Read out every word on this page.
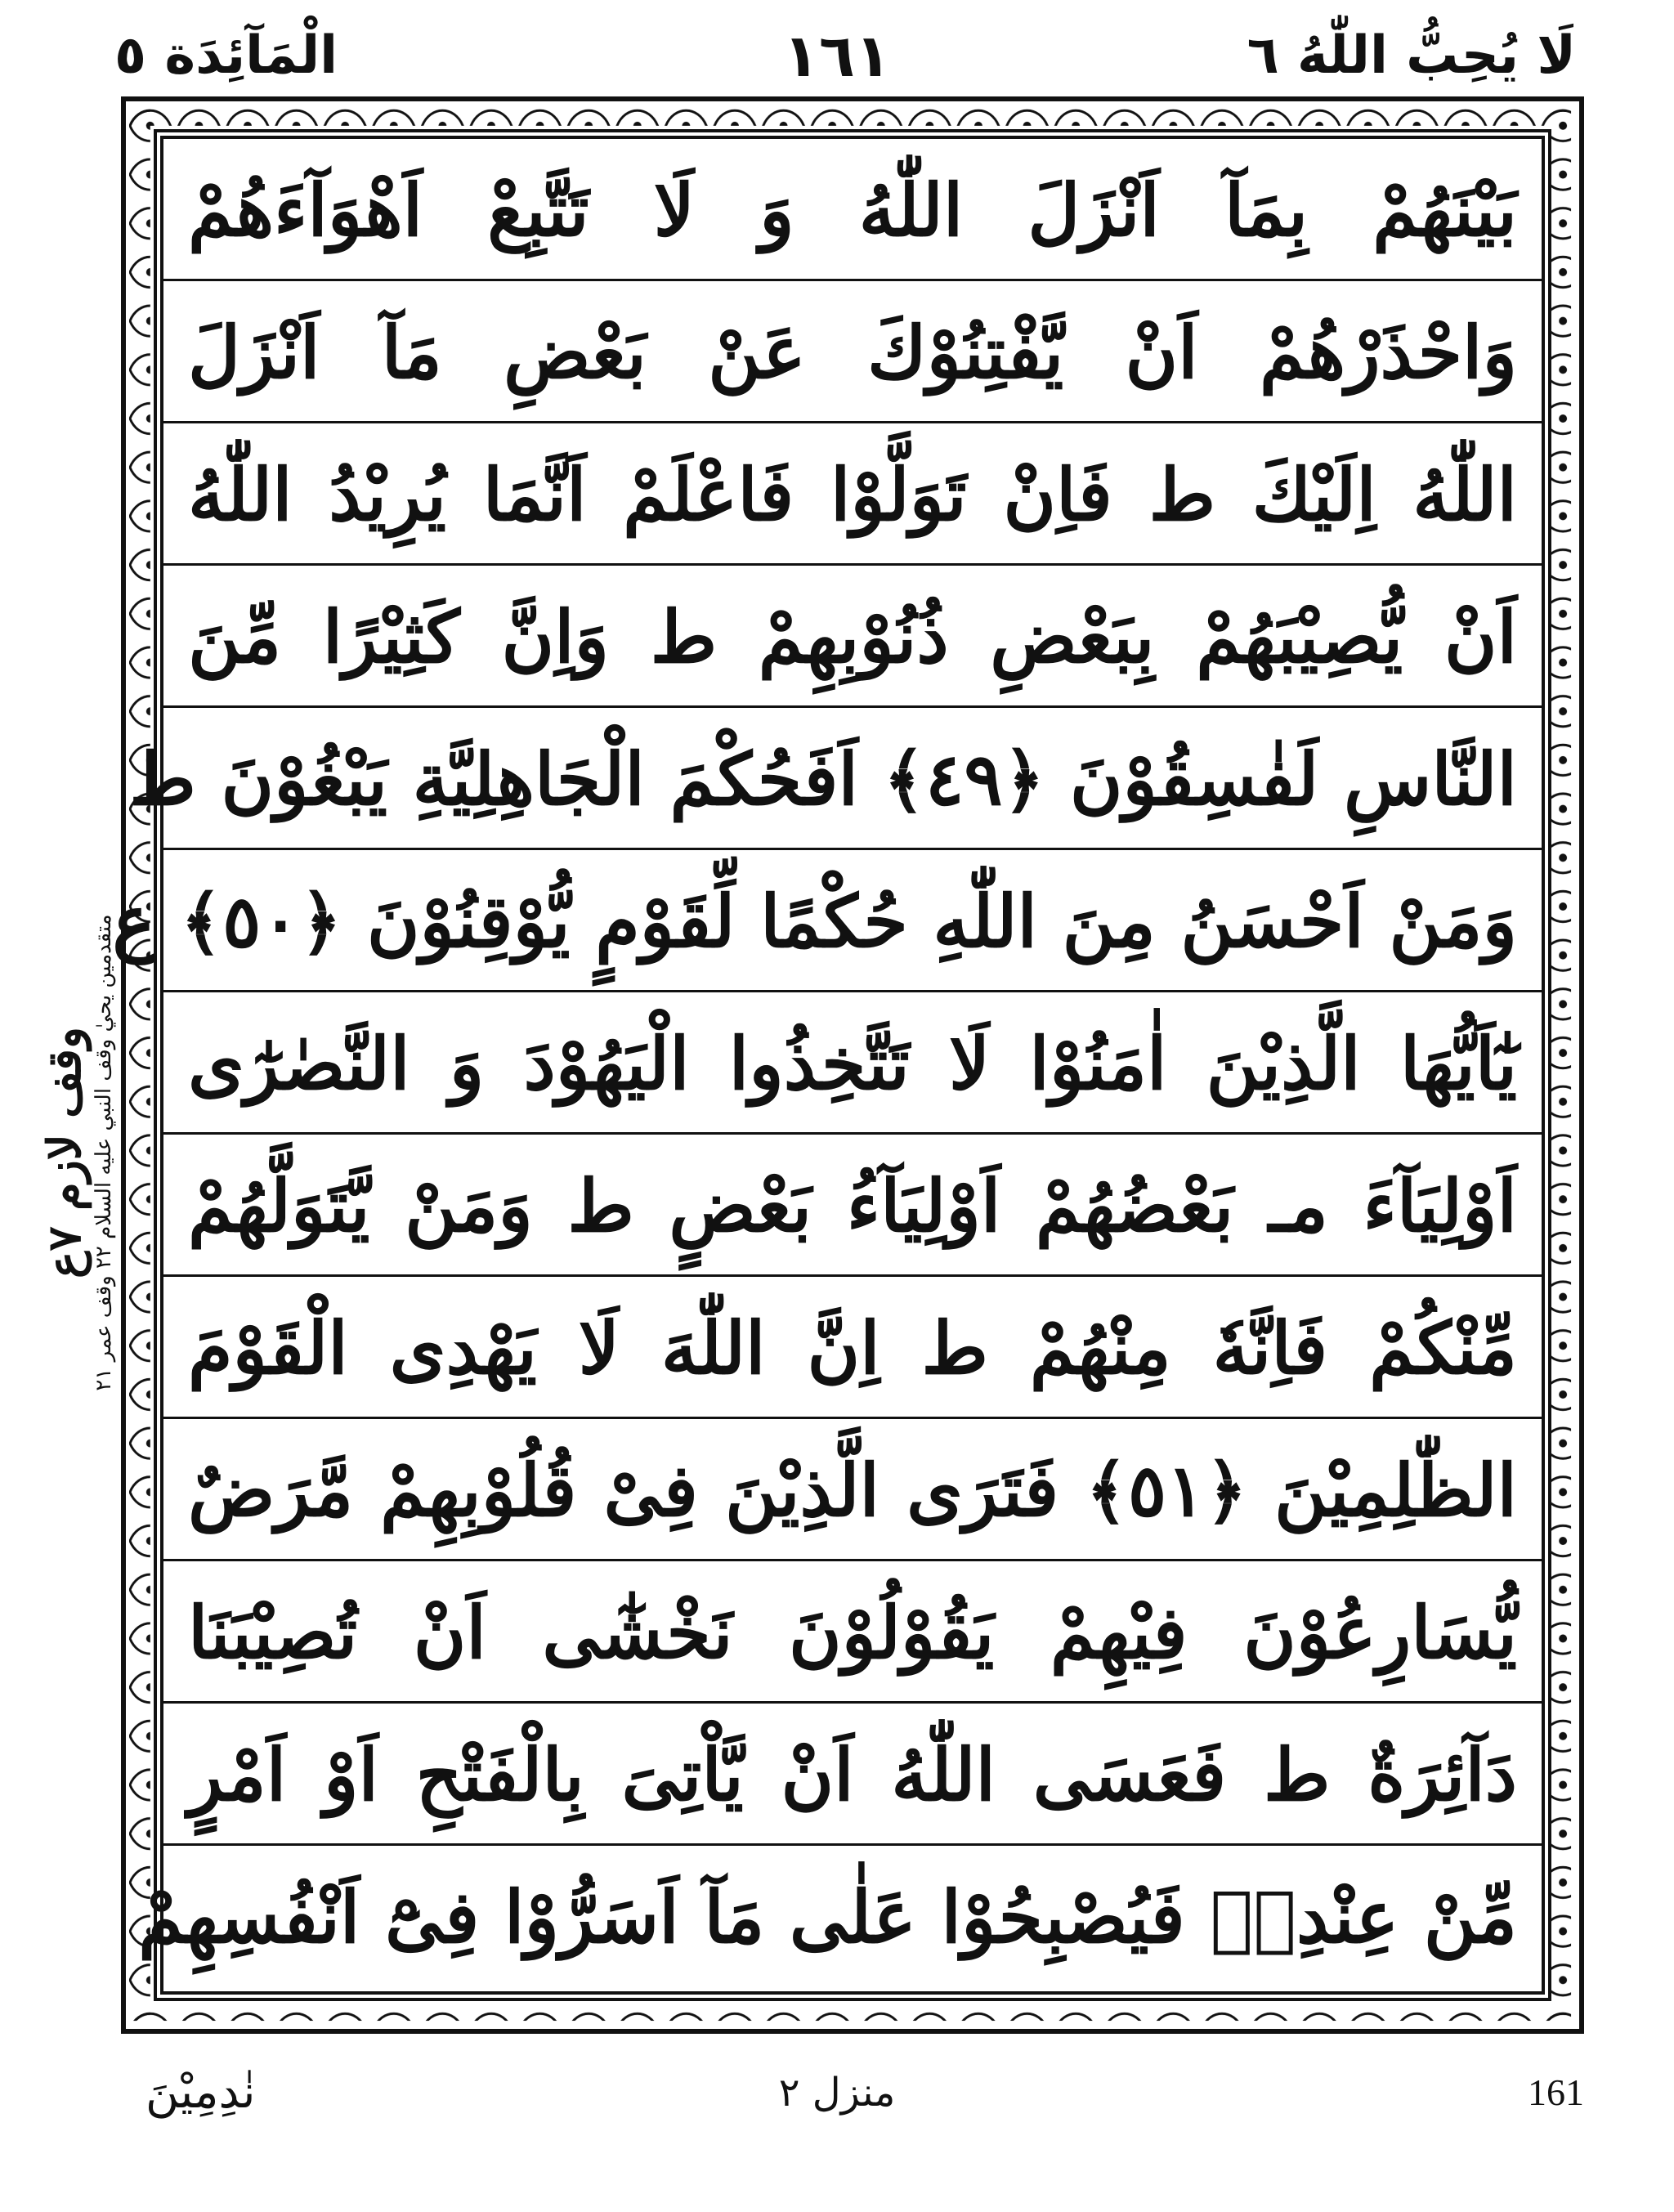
لَا يُحِبُّ اللّٰهُ ٦
١٦١
الْمَآئِدَة ٥
بَيْنَهُمْ بِمَآ اَنْزَلَ اللّٰهُ وَ لَا تَتَّبِعْ اَهْوَآءَهُمْ
وَاحْذَرْهُمْ اَنْ يَّفْتِنُوْكَ عَنْ بَعْضِ مَآ اَنْزَلَ
اللّٰهُ اِلَيْكَ ط فَاِنْ تَوَلَّوْا فَاعْلَمْ اَنَّمَا يُرِيْدُ اللّٰهُ
اَنْ يُّصِيْبَهُمْ بِبَعْضِ ذُنُوْبِهِمْ ط وَاِنَّ كَثِيْرًا مِّنَ
النَّاسِ لَفٰسِقُوْنَ ﴿٤٩﴾ اَفَحُكْمَ الْجَاهِلِيَّةِ يَبْغُوْنَ ط
وَمَنْ اَحْسَنُ مِنَ اللّٰهِ حُكْمًا لِّقَوْمٍ يُّوْقِنُوْنَ ﴿٥٠﴾ ع
يٰٓاَيُّهَا الَّذِيْنَ اٰمَنُوْا لَا تَتَّخِذُوا الْيَهُوْدَ وَ النَّصٰرٰٓى
اَوْلِيَآءَ مـ بَعْضُهُمْ اَوْلِيَآءُ بَعْضٍ ط وَمَنْ يَّتَوَلَّهُمْ
مِّنْكُمْ فَاِنَّهٗ مِنْهُمْ ط اِنَّ اللّٰهَ لَا يَهْدِى الْقَوْمَ
الظّٰلِمِيْنَ ﴿٥١﴾ فَتَرَى الَّذِيْنَ فِىْ قُلُوْبِهِمْ مَّرَضٌ
يُّسَارِعُوْنَ فِيْهِمْ يَقُوْلُوْنَ نَخْشٰٓى اَنْ تُصِيْبَنَا
دَآئِرَةٌ ط فَعَسَى اللّٰهُ اَنْ يَّاْتِىَ بِالْفَتْحِ اَوْ اَمْرٍ
مِّنْ عِنْدِهٖ فَيُصْبِحُوْا عَلٰى مَآ اَسَرُّوْا فِىْٓ اَنْفُسِهِمْ
وقف لازم ٧ع
متقدمين يحيٰ وقف النبي عليه السلام ٢٢ وقف عمر ٢١
نٰدِمِيْنَ	منزل ٢	161
